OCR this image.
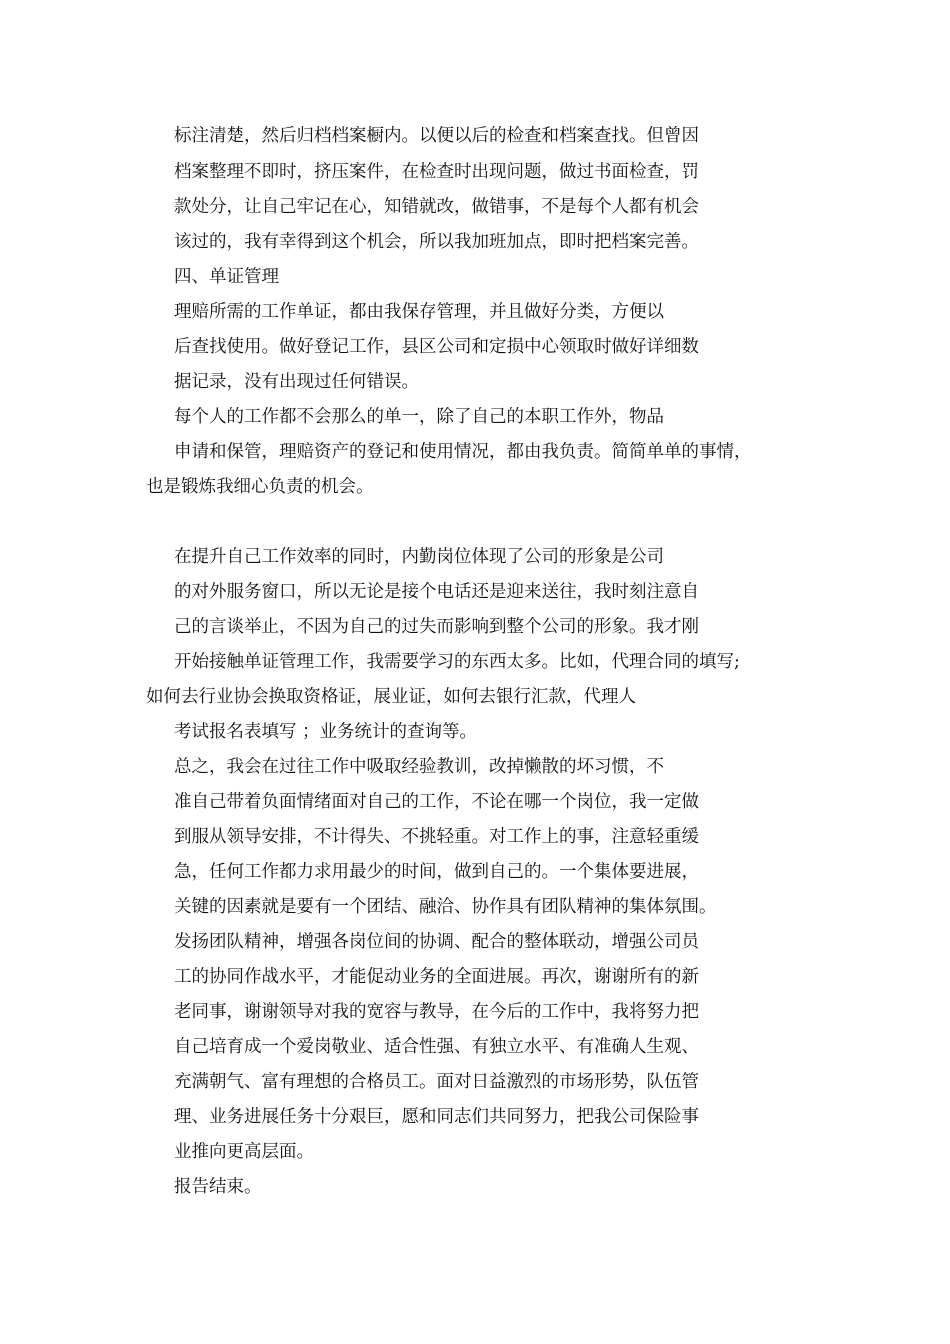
标注清楚，然后归档档案橱内。以便以后的检查和档案查找。但曾因

档案整理不即时，挤压案件，在检查时出现问题，做过书面检查，罚

款处分，让自己牢记在心，知错就改，做错事，不是每个人都有机会

该过的，我有幸得到这个机会，所以我加班加点，即时把档案完善。

四、单证管理

理赔所需的工作单证，都由我保存管理，并且做好分类，方便以

后查找使用。做好登记工作，县区公司和定损中心领取时做好详细数

据记录，没有出现过任何错误。

每个人的工作都不会那么的单一，除了自己的本职工作外，物品

申请和保管，理赔资产的登记和使用情况，都由我负责。简简单单的事情，

也是锻炼我细心负责的机会。

在提升自己工作效率的同时，内勤岗位体现了公司的形象是公司

的对外服务窗口，所以无论是接个电话还是迎来送往，我时刻注意自

己的言谈举止，不因为自己的过失而影响到整个公司的形象。我才刚

开始接触单证管理工作，我需要学习的东西太多。比如，代理合同的填写;

如何去行业协会换取资格证，展业证，如何去银行汇款，代理人

考试报名表填写 ；业务统计的查询等。

总之，我会在过往工作中吸取经验教训，改掉懒散的坏习惯，不

准自己带着负面情绪面对自己的工作，不论在哪一个岗位，我一定做

到服从领导安排，不计得失、不挑轻重。对工作上的事，注意轻重缓

急，任何工作都力求用最少的时间，做到自己的。一个集体要进展，

关键的因素就是要有一个团结、融洽、协作具有团队精神的集体氛围。

发扬团队精神，增强各岗位间的协调、配合的整体联动，增强公司员

工的协同作战水平，才能促动业务的全面进展。再次，谢谢所有的新

老同事，谢谢领导对我的宽容与教导，在今后的工作中，我将努力把

自己培育成一个爱岗敬业、适合性强、有独立水平、有准确人生观、

充满朝气、富有理想的合格员工。面对日益激烈的市场形势，队伍管

理、业务进展任务十分艰巨，愿和同志们共同努力，把我公司保险事

业推向更高层面。

报告结束。
